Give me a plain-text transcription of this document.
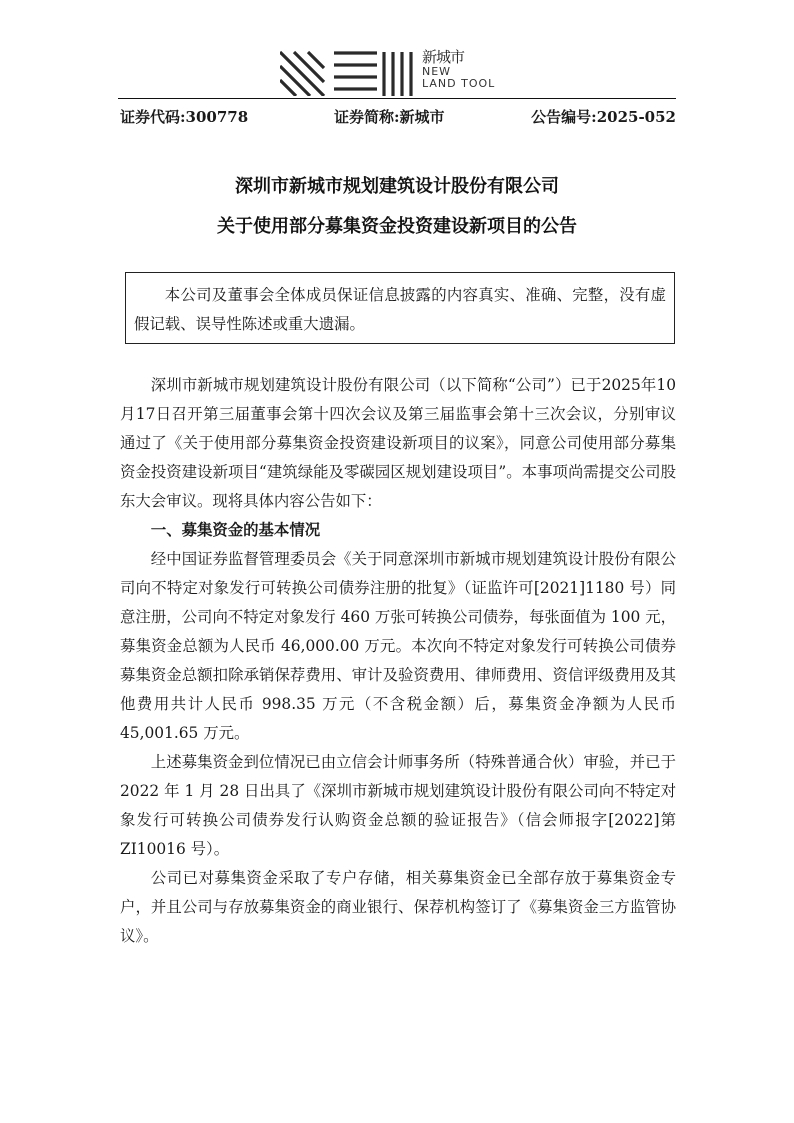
新城市
NEW
LAND TOOL
证券代码:300778	证券简称:新城市	公告编号:2025-052
深圳市新城市规划建筑设计股份有限公司
关于使用部分募集资金投资建设新项目的公告

本公司及董事会全体成员保证信息披露的内容真实、准确、完整，没有虚假记载、误导性陈述或重大遗漏。

深圳市新城市规划建筑设计股份有限公司（以下简称“公司”）已于2025年10月17日召开第三届董事会第十四次会议及第三届监事会第十三次会议，分别审议通过了《关于使用部分募集资金投资建设新项目的议案》，同意公司使用部分募集资金投资建设新项目“建筑绿能及零碳园区规划建设项目”。本事项尚需提交公司股东大会审议。现将具体内容公告如下：

一、募集资金的基本情况

经中国证券监督管理委员会《关于同意深圳市新城市规划建筑设计股份有限公司向不特定对象发行可转换公司债券注册的批复》（证监许可[2021]1180 号）同意注册，公司向不特定对象发行 460 万张可转换公司债券，每张面值为 100 元，募集资金总额为人民币 46,000.00 万元。本次向不特定对象发行可转换公司债券募集资金总额扣除承销保荐费用、审计及验资费用、律师费用、资信评级费用及其他费用共计人民币 998.35 万元（不含税金额）后，募集资金净额为人民币 45,001.65 万元。

上述募集资金到位情况已由立信会计师事务所（特殊普通合伙）审验，并已于 2022 年 1 月 28 日出具了《深圳市新城市规划建筑设计股份有限公司向不特定对象发行可转换公司债券发行认购资金总额的验证报告》（信会师报字[2022]第ZI10016 号）。

公司已对募集资金采取了专户存储，相关募集资金已全部存放于募集资金专户，并且公司与存放募集资金的商业银行、保荐机构签订了《募集资金三方监管协议》。
